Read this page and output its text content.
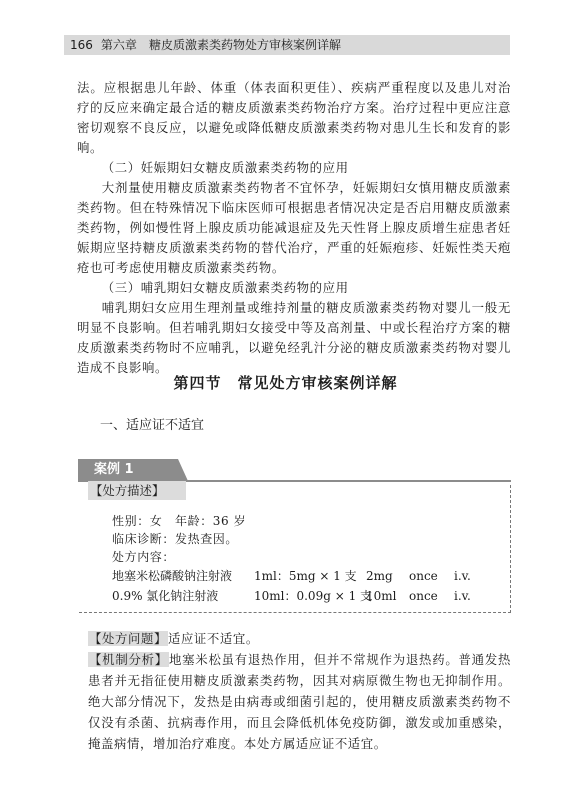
166 第六章　 糖皮质激素类药物处方审核案例详解

法。应根据患儿年龄、体重（体表面积更佳）、疾病严重程度以及患儿对治疗的反应来确定最合适的糖皮质激素类药物治疗方案。治疗过程中更应注意密切观察不良反应，以避免或降低糖皮质激素类药物对患儿生长和发育的影响。

（二）妊娠期妇女糖皮质激素类药物的应用

大剂量使用糖皮质激素类药物者不宜怀孕，妊娠期妇女慎用糖皮质激素类药物。但在特殊情况下临床医师可根据患者情况决定是否启用糖皮质激素类药物，例如慢性肾上腺皮质功能减退症及先天性肾上腺皮质增生症患者妊娠期应坚持糖皮质激素类药物的替代治疗，严重的妊娠疱疹、妊娠性类天疱疮也可考虑使用糖皮质激素类药物。

（三）哺乳期妇女糖皮质激素类药物的应用

哺乳期妇女应用生理剂量或维持剂量的糖皮质激素类药物对婴儿一般无明显不良影响。但若哺乳期妇女接受中等及高剂量、中或长程治疗方案的糖皮质激素类药物时不应哺乳，以避免经乳汁分泌的糖皮质激素类药物对婴儿造成不良影响。

第四节　常见处方审核案例详解
一、适应证不适宜
案例 1
【处方描述】
性别：女　年龄：36 岁
临床诊断：发热查因。
处方内容：
地塞米松磷酸钠注射液 1ml：5mg × 1 支 2mg once i.v.
0.9% 氯化钠注射液	10ml：0.09g × 1 支
10ml once i.v.

【处方问题】适应证不适宜。

【机制分析】地塞米松虽有退热作用，但并不常规作为退热药。普通发热患者并无指征使用糖皮质激素类药物，因其对病原微生物也无抑制作用。绝大部分情况下，发热是由病毒或细菌引起的，使用糖皮质激素类药物不仅没有杀菌、抗病毒作用，而且会降低机体免疫防御，激发或加重感染，掩盖病情，增加治疗难度。本处方属适应证不适宜。
